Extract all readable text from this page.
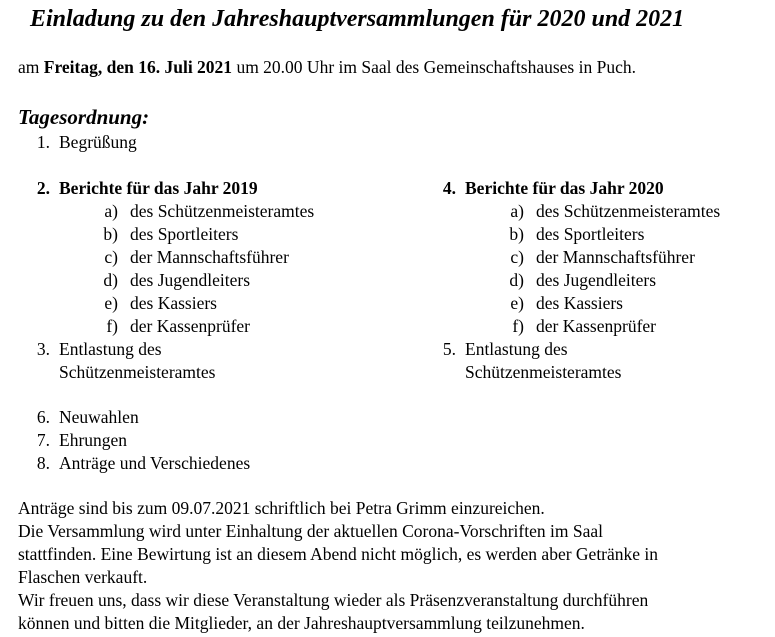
Einladung zu den Jahreshauptversammlungen für 2020 und 2021
am Freitag, den 16. Juli 2021 um 20.00 Uhr im Saal des Gemeinschaftshauses in Puch.
Tagesordnung:
1. Begrüßung
2. Berichte für das Jahr 2019
a) des Schützenmeisteramtes
b) des Sportleiters
c) der Mannschaftsführer
d) des Jugendleiters
e) des Kassiers
f) der Kassenprüfer
3. Entlastung des
Schützenmeisteramtes
4. Berichte für das Jahr 2020
a) des Schützenmeisteramtes
b) des Sportleiters
c) der Mannschaftsführer
d) des Jugendleiters
e) des Kassiers
f) der Kassenprüfer
5. Entlastung des
Schützenmeisteramtes
6. Neuwahlen
7. Ehrungen
8. Anträge und Verschiedenes
Anträge sind bis zum 09.07.2021 schriftlich bei Petra Grimm einzureichen.
Die Versammlung wird unter Einhaltung der aktuellen Corona-Vorschriften im Saal
stattfinden. Eine Bewirtung ist an diesem Abend nicht möglich, es werden aber Getränke in
Flaschen verkauft.
Wir freuen uns, dass wir diese Veranstaltung wieder als Präsenzveranstaltung durchführen
können und bitten die Mitglieder, an der Jahreshauptversammlung teilzunehmen.
